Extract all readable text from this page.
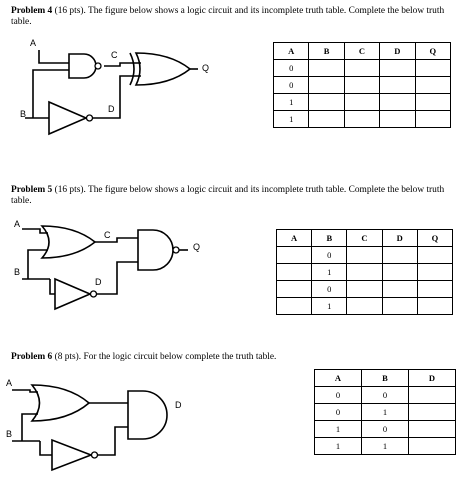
Problem 4 (16 pts). The figure below shows a logic circuit and its incomplete truth table. Complete the below truth table.
A
B
C
D
Q
A	B	C	D	Q
0				
0				
1				
1				
Problem 5 (16 pts). The figure below shows a logic circuit and its incomplete truth table. Complete the below truth table.
A
B
C
D
Q
A	B	C	D	Q
	0			
	1			
	0			
	1			
Problem 6 (8 pts). For the logic circuit below complete the truth table.
A
B
D
A	B	D
0	0	
0	1	
1	0	
1	1	
